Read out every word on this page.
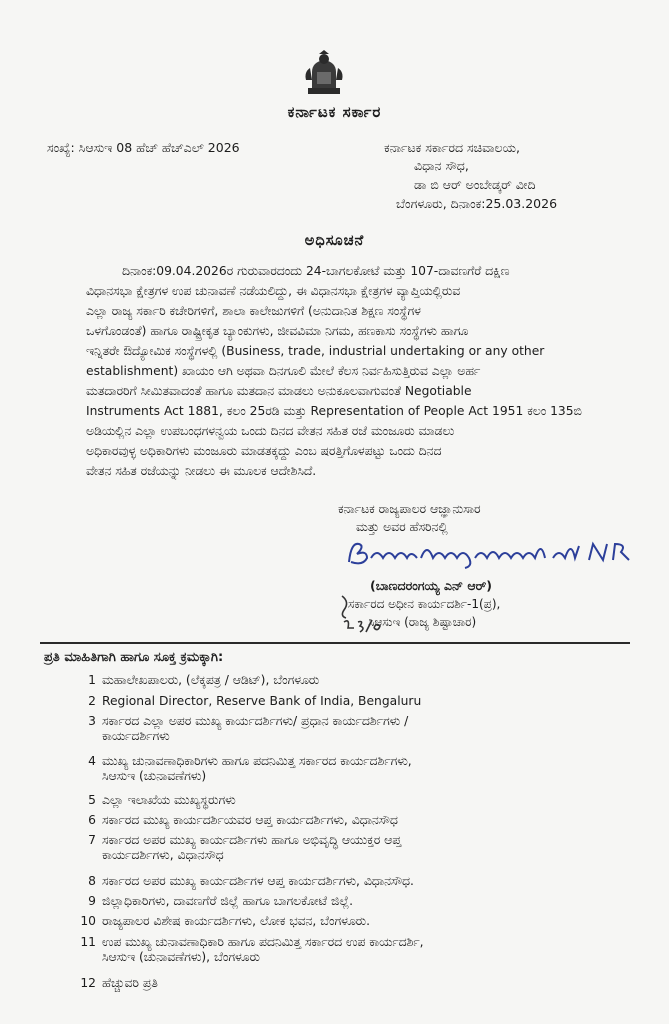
ಕರ್ನಾಟಕ ಸರ್ಕಾರ
ಸಂಖ್ಯೆ: ಸಿಆಸುಇ 08 ಹೆಚ್ ಹೆಚ್‌ಎಲ್ 2026	ಕರ್ನಾಟಕ ಸರ್ಕಾರದ ಸಚಿವಾಲಯ,
ವಿಧಾನ ಸೌಧ,
ಡಾ ಬಿ ಆರ್ ಅಂಬೇಡ್ಕರ್ ವೀದಿ
ಬೆಂಗಳೂರು, ದಿನಾಂಕ:25.03.2026
ಅಧಿಸೂಚನೆ
ದಿನಾಂಕ:09.04.2026ರ ಗುರುವಾರದಂದು 24-ಬಾಗಲಕೋಟೆ ಮತ್ತು 107-ದಾವಣಗೆರೆ ದಕ್ಷಿಣ
ವಿಧಾನಸಭಾ ಕ್ಷೇತ್ರಗಳ ಉಪ ಚುನಾವಣೆ ನಡೆಯಲಿದ್ದು, ಈ ವಿಧಾನಸಭಾ ಕ್ಷೇತ್ರಗಳ ವ್ಯಾಪ್ತಿಯಲ್ಲಿರುವ
ಎಲ್ಲಾ ರಾಜ್ಯ ಸರ್ಕಾರಿ ಕಚೇರಿಗಳಿಗೆ, ಶಾಲಾ ಕಾಲೇಜುಗಳಿಗೆ (ಅನುದಾನಿತ ಶಿಕ್ಷಣ ಸಂಸ್ಥೆಗಳ
ಒಳಗೊಂಡಂತೆ) ಹಾಗೂ ರಾಷ್ಟ್ರೀಕೃತ ಬ್ಯಾಂಕುಗಳು, ಜೀವವಿಮಾ ನಿಗಮ, ಹಣಕಾಸು ಸಂಸ್ಥೆಗಳು ಹಾಗೂ
ಇನ್ನಿತರೇ ಔದ್ಯೋಮಿಕ ಸಂಸ್ಥೆಗಳಲ್ಲಿ (Business, trade, industrial undertaking or any other
establishment) ಖಾಯಂ ಆಗಿ ಅಥವಾ ದಿನಗೂಲಿ ಮೇಲೆ ಕೆಲಸ ನಿರ್ವಹಿಸುತ್ತಿರುವ ಎಲ್ಲಾ ಅರ್ಹ
ಮತದಾರರಿಗೆ ಸೀಮಿತವಾದಂತೆ ಹಾಗೂ ಮತದಾನ ಮಾಡಲು ಅನುಕೂಲವಾಗುವಂತೆ Negotiable
Instruments Act 1881, ಕಲಂ 25ರಡಿ ಮತ್ತು Representation of People Act 1951 ಕಲಂ 135ಬಿ
ಅಡಿಯಲ್ಲಿನ ಎಲ್ಲಾ ಉಪಬಂಧಗಳನ್ವಯ ಒಂದು ದಿನದ ವೇತನ ಸಹಿತ ರಜೆ ಮಂಜೂರು ಮಾಡಲು
ಅಧಿಕಾರವುಳ್ಳ ಅಧಿಕಾರಿಗಳು ಮಂಜೂರು ಮಾಡತಕ್ಕದ್ದು ಎಂಬ ಷರತ್ತಿಗೊಳಪಟ್ಟು ಒಂದು ದಿನದ
ವೇತನ ಸಹಿತ ರಜೆಯನ್ನು ನೀಡಲು ಈ ಮೂಲಕ ಆದೇಶಿಸಿದೆ.
ಕರ್ನಾಟಕ ರಾಜ್ಯಪಾಲರ ಆಜ್ಞಾನುಸಾರ
ಮತ್ತು ಅವರ ಹೆಸರಿನಲ್ಲಿ
(ಬಾಣದರಂಗಯ್ಯ ಎನ್ ಆರ್)
ಸರ್ಕಾರದ ಅಧೀನ ಕಾರ್ಯದರ್ಶಿ-1(ಪ್ರ),
ಸಿಆಸುಇ (ರಾಜ್ಯ ಶಿಷ್ಟಾಚಾರ)
ಪ್ರತಿ ಮಾಹಿತಿಗಾಗಿ ಹಾಗೂ ಸೂಕ್ತ ಕ್ರಮಕ್ಕಾಗಿ:
1 ಮಹಾಲೇಖಪಾಲರು, (ಲೆಕ್ಕಪತ್ರ / ಆಡಿಟ್), ಬೆಂಗಳೂರು
2 Regional Director, Reserve Bank of India, Bengaluru
3 ಸರ್ಕಾರದ ಎಲ್ಲಾ ಅಪರ ಮುಖ್ಯ ಕಾರ್ಯದರ್ಶಿಗಳು/ ಪ್ರಧಾನ ಕಾರ್ಯದರ್ಶಿಗಳು /
ಕಾರ್ಯದರ್ಶಿಗಳು
4 ಮುಖ್ಯ ಚುನಾವಣಾಧಿಕಾರಿಗಳು ಹಾಗೂ ಪದನಿಮಿತ್ತ ಸರ್ಕಾರದ ಕಾರ್ಯದರ್ಶಿಗಳು,
ಸಿಆಸುಇ (ಚುನಾವಣೆಗಳು)
5 ಎಲ್ಲಾ ಇಲಾಖೆಯ ಮುಖ್ಯಸ್ಥರುಗಳು
6 ಸರ್ಕಾರದ ಮುಖ್ಯ ಕಾರ್ಯದರ್ಶಿಯವರ ಆಪ್ತ ಕಾರ್ಯದರ್ಶಿಗಳು, ವಿಧಾನಸೌಧ
7 ಸರ್ಕಾರದ ಅಪರ ಮುಖ್ಯ ಕಾರ್ಯದರ್ಶಿಗಳು ಹಾಗೂ ಅಭಿವೃದ್ಧಿ ಆಯುಕ್ತರ ಆಪ್ತ
ಕಾರ್ಯದರ್ಶಿಗಳು, ವಿಧಾನಸೌಧ
8 ಸರ್ಕಾರದ ಅಪರ ಮುಖ್ಯ ಕಾರ್ಯದರ್ಶಿಗಳ ಆಪ್ತ ಕಾರ್ಯದರ್ಶಿಗಳು, ವಿಧಾನಸೌಧ.
9 ಜಿಲ್ಲಾಧಿಕಾರಿಗಳು, ದಾವಣಗೆರೆ ಜಿಲ್ಲೆ ಹಾಗೂ ಬಾಗಲಕೋಟೆ ಜಿಲ್ಲೆ.
10 ರಾಜ್ಯಪಾಲರ ವಿಶೇಷ ಕಾರ್ಯದರ್ಶಿಗಳು, ಲೋಕ ಭವನ, ಬೆಂಗಳೂರು.
11 ಉಪ ಮುಖ್ಯ ಚುನಾವಣಾಧಿಕಾರಿ ಹಾಗೂ ಪದನಿಮಿತ್ತ ಸರ್ಕಾರದ ಉಪ ಕಾರ್ಯದರ್ಶಿ,
ಸಿಆಸುಇ (ಚುನಾವಣೆಗಳು), ಬೆಂಗಳೂರು
12 ಹೆಚ್ಚುವರಿ ಪ್ರತಿ
